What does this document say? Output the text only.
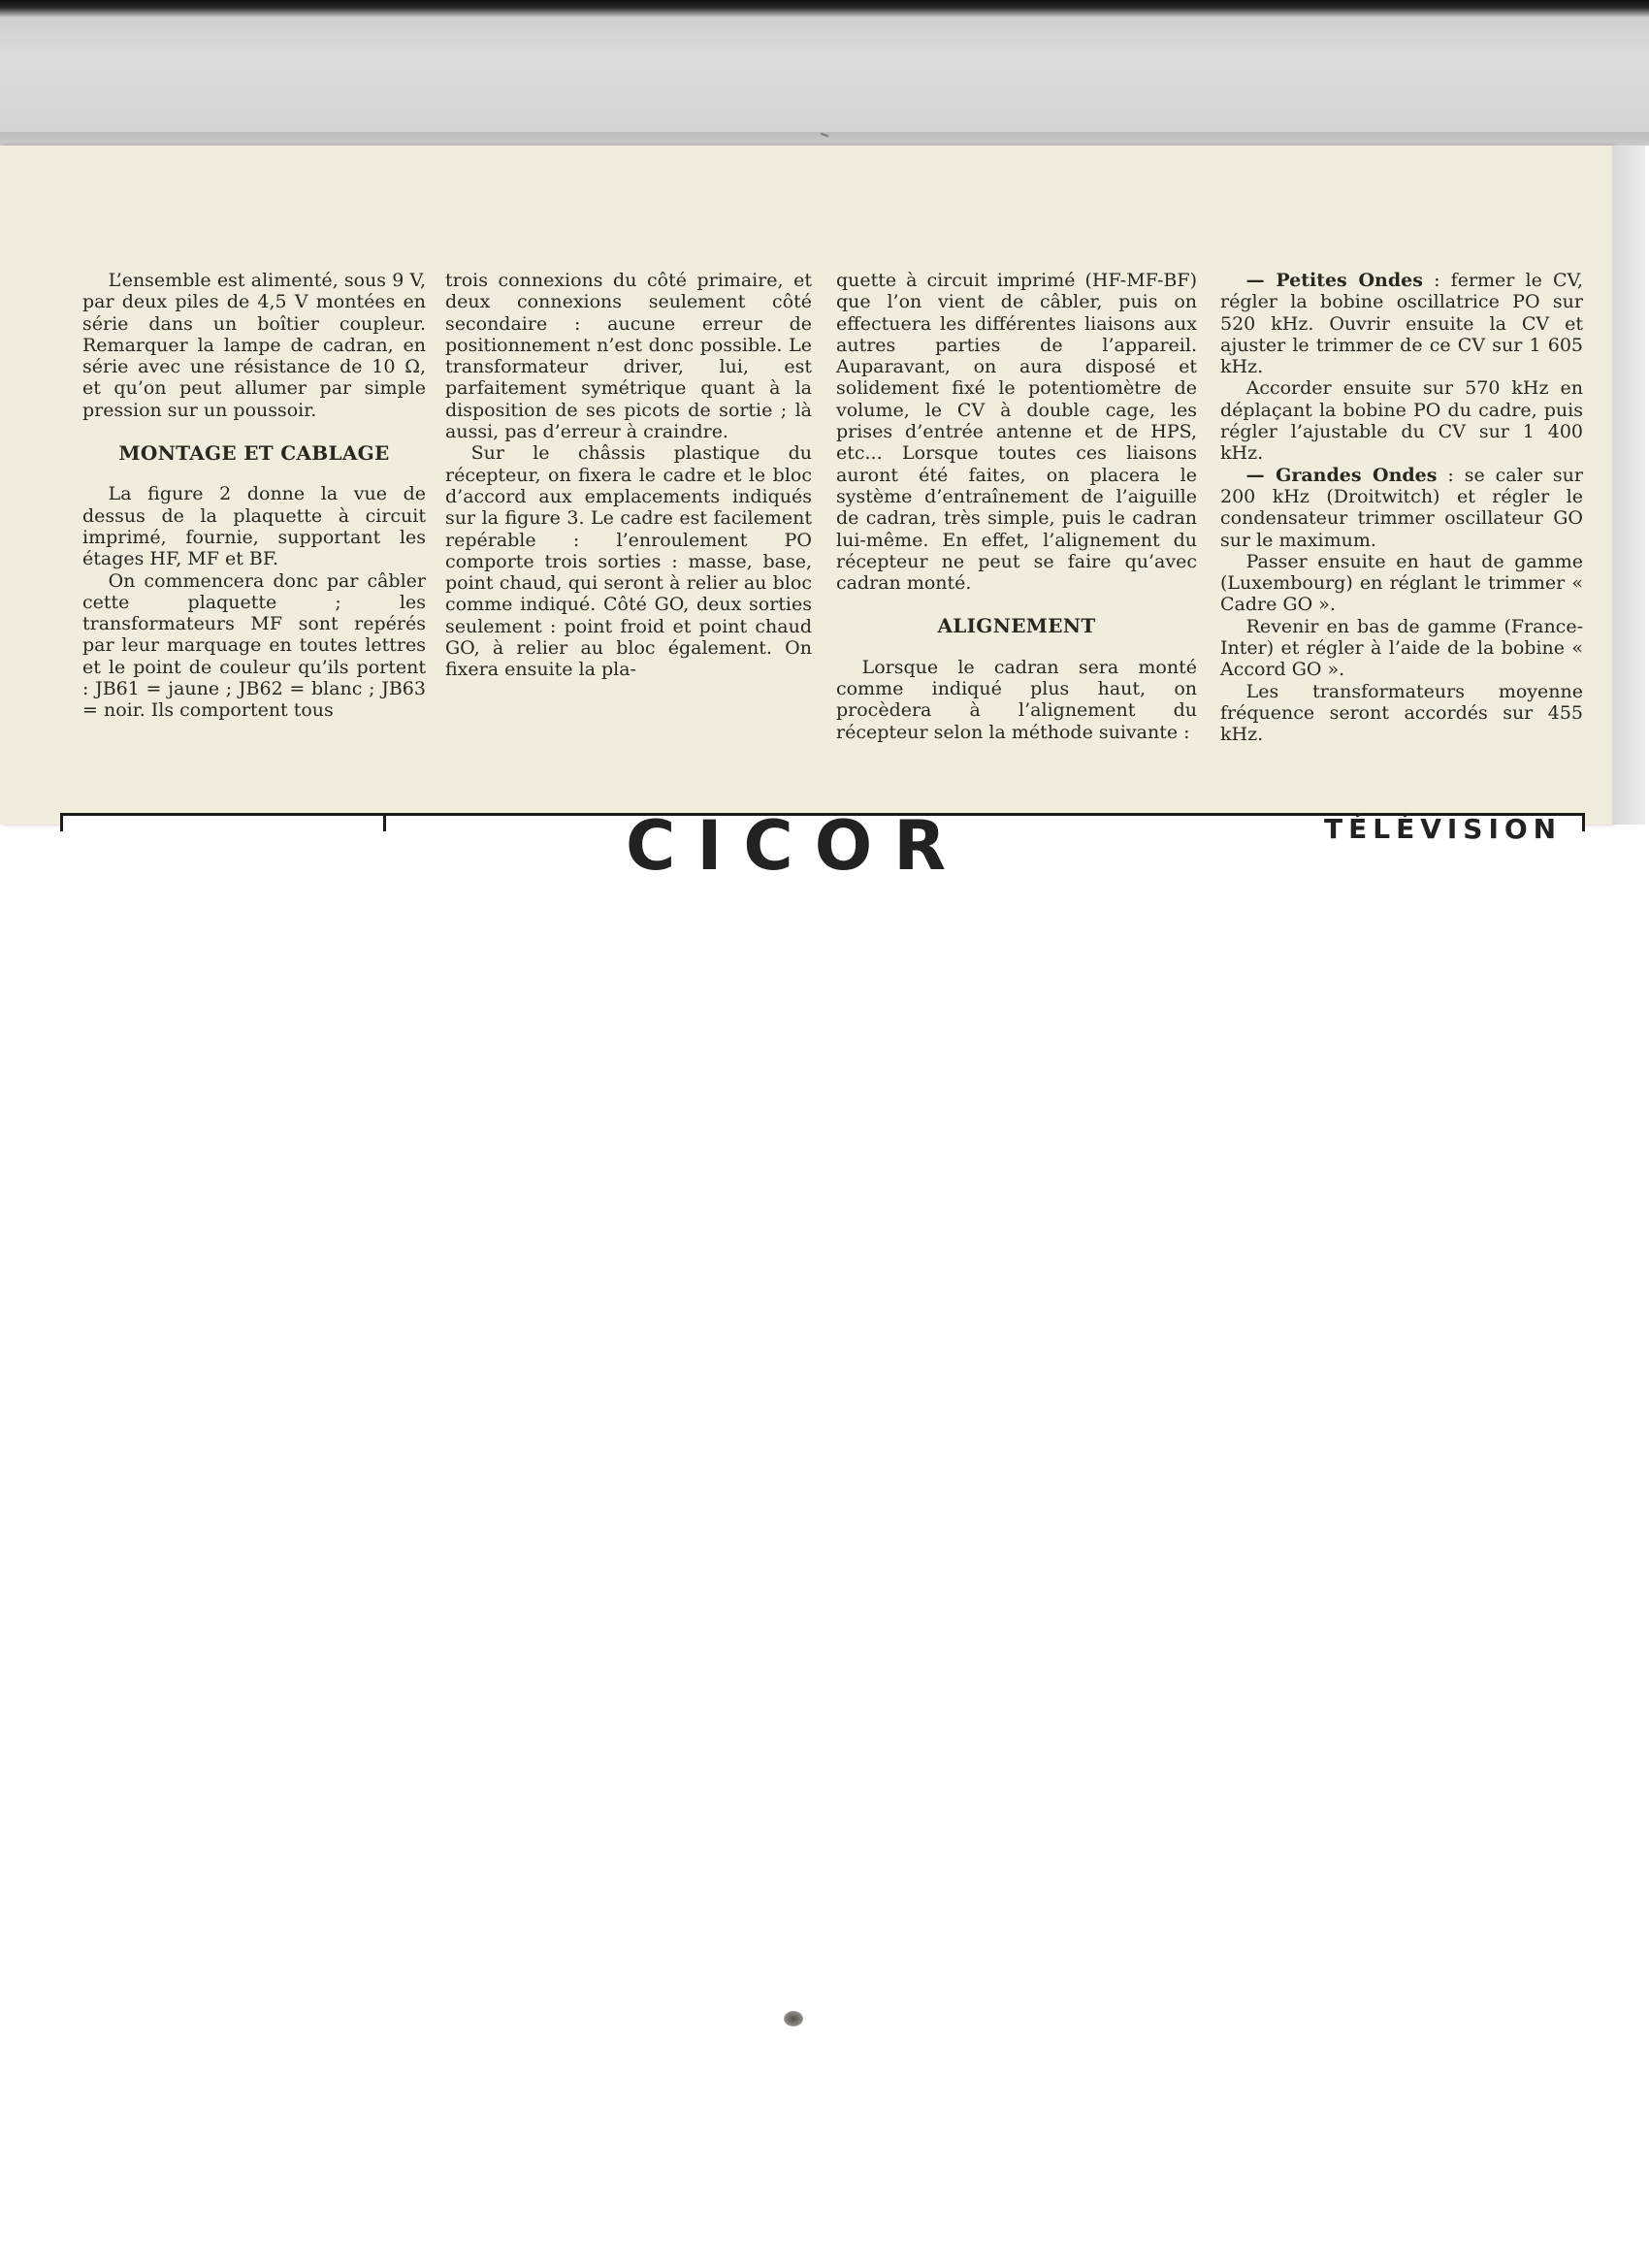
L’ensemble est alimenté, sous 9 V, par deux piles de 4,5 V montées en série dans un boîtier coupleur. Remarquer la lampe de cadran, en série avec une résistance de 10 Ω, et qu’on peut allumer par simple pression sur un poussoir.

MONTAGE ET CABLAGE

La figure 2 donne la vue de dessus de la plaquette à circuit imprimé, fournie, supportant les étages HF, MF et BF.

On commencera donc par câbler cette plaquette ; les transformateurs MF sont repérés par leur marquage en toutes lettres et le point de couleur qu’ils portent : JB61 = jaune ; JB62 = blanc ; JB63 = noir. Ils comportent tous

trois connexions du côté primaire, et deux connexions seulement côté secondaire : aucune erreur de positionnement n’est donc possible. Le transformateur driver, lui, est parfaitement symétrique quant à la disposition de ses picots de sortie ; là aussi, pas d’erreur à craindre.

Sur le châssis plastique du récepteur, on fixera le cadre et le bloc d’accord aux emplacements indiqués sur la figure 3. Le cadre est facilement repérable : l’enroulement PO comporte trois sorties : masse, base, point chaud, qui seront à relier au bloc comme indiqué. Côté GO, deux sorties seulement : point froid et point chaud GO, à relier au bloc également. On fixera ensuite la pla-

quette à circuit imprimé (HF-MF-BF) que l’on vient de câbler, puis on effectuera les différentes liaisons aux autres parties de l’appareil. Auparavant, on aura disposé et solidement fixé le potentiomètre de volume, le CV à double cage, les prises d’entrée antenne et de HPS, etc... Lorsque toutes ces liaisons auront été faites, on placera le système d’entraînement de l’aiguille de cadran, très simple, puis le cadran lui-même. En effet, l’alignement du récepteur ne peut se faire qu’avec cadran monté.

ALIGNEMENT

Lorsque le cadran sera monté comme indiqué plus haut, on procèdera à l’alignement du récepteur selon la méthode suivante :

— Petites Ondes : fermer le CV, régler la bobine oscillatrice PO sur 520 kHz. Ouvrir ensuite la CV et ajuster le trimmer de ce CV sur 1 605 kHz.

Accorder ensuite sur 570 kHz en déplaçant la bobine PO du cadre, puis régler l’ajustable du CV sur 1 400 kHz.

— Grandes Ondes : se caler sur 200 kHz (Droitwitch) et régler le condensateur trimmer oscillateur GO sur le maximum.

Passer ensuite en haut de gamme (Luxembourg) en réglant le trimmer « Cadre GO ».

Revenir en bas de gamme (France-Inter) et régler à l’aide de la bobine « Accord GO ».

Les transformateurs moyenne fréquence seront accordés sur 455 kHz.

CICOR	TÉLÉVISION
